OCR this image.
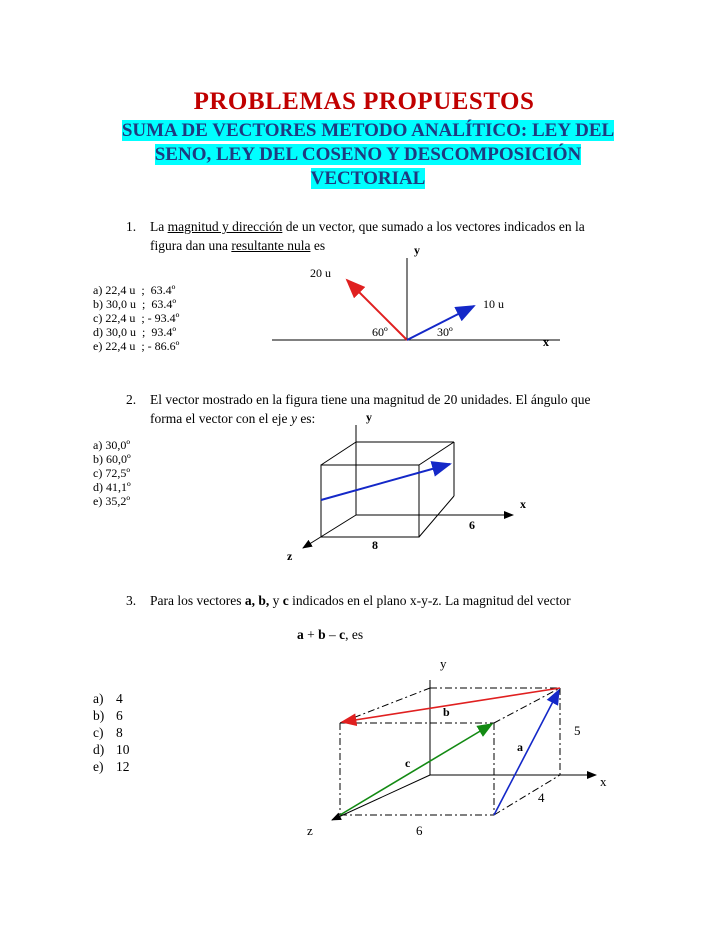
PROBLEMAS PROPUESTOS
SUMA DE VECTORES METODO ANALÍTICO: LEY DEL SENO, LEY DEL COSENO Y DESCOMPOSICIÓN VECTORIAL
1. La magnitud y dirección de un vector, que sumado a los vectores indicados en la
figura dan una resultante nula es
a) 22,4 u  ;  63.4º
b) 30,0 u  ;  63.4º
c) 22,4 u  ; - 93.4º
d) 30,0 u  ;  93.4º
e) 22,4 u  ; - 86.6º
y
20 u
10 u
60º	30º
x
2. El vector mostrado en la figura tiene una magnitud de 20 unidades. El ángulo que
forma el vector con el eje y es:	y
a) 30,0º
b) 60,0º
c) 72,5º
d) 41,1º
e) 35,2º	x
6
8
z
3. Para los vectores a, b, y c indicados en el plano x-y-z. La magnitud del vector
a + b – c, es
a) 4
b) 6
c) 8
d) 10
e) 12
y
b
5
a
c
x
4
z	6
